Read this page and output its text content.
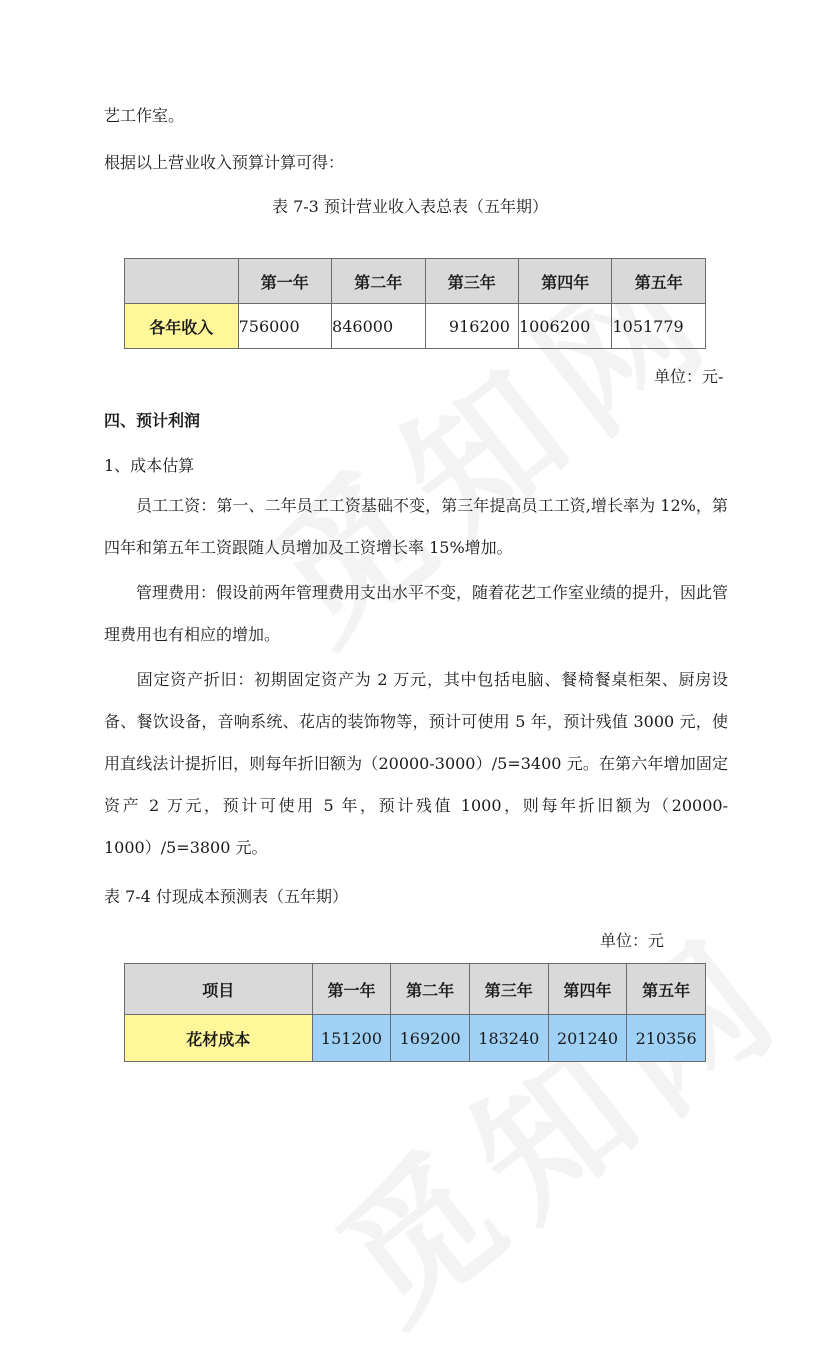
艺工作室。
根据以上营业收入预算计算可得：
表 7-3 预计营业收入表总表（五年期）
	第一年	第二年	第三年	第四年	第五年
各年收入	756000	846000	916200	1006200	1051779
单位：元-
四、预计利润
1、成本估算
员工工资：第一、二年员工工资基础不变，第三年提高员工工资,增长率为 12%，第四年和第五年工资跟随人员增加及工资增长率 15%增加。
管理费用：假设前两年管理费用支出水平不变，随着花艺工作室业绩的提升，因此管理费用也有相应的增加。
固定资产折旧：初期固定资产为 2 万元，其中包括电脑、餐椅餐桌柜架、厨房设备、餐饮设备，音响系统、花店的装饰物等，预计可使用 5 年，预计残值 3000 元，使用直线法计提折旧，则每年折旧额为（20000-3000）/5=3400 元。在第六年增加固定资产 2 万元，预计可使用 5 年，预计残值 1000，则每年折旧额为（20000-1000）/5=3800 元。
表 7-4 付现成本预测表（五年期）
单位：元
项目	第一年	第二年	第三年	第四年	第五年
花材成本	151200	169200	183240	201240	210356
